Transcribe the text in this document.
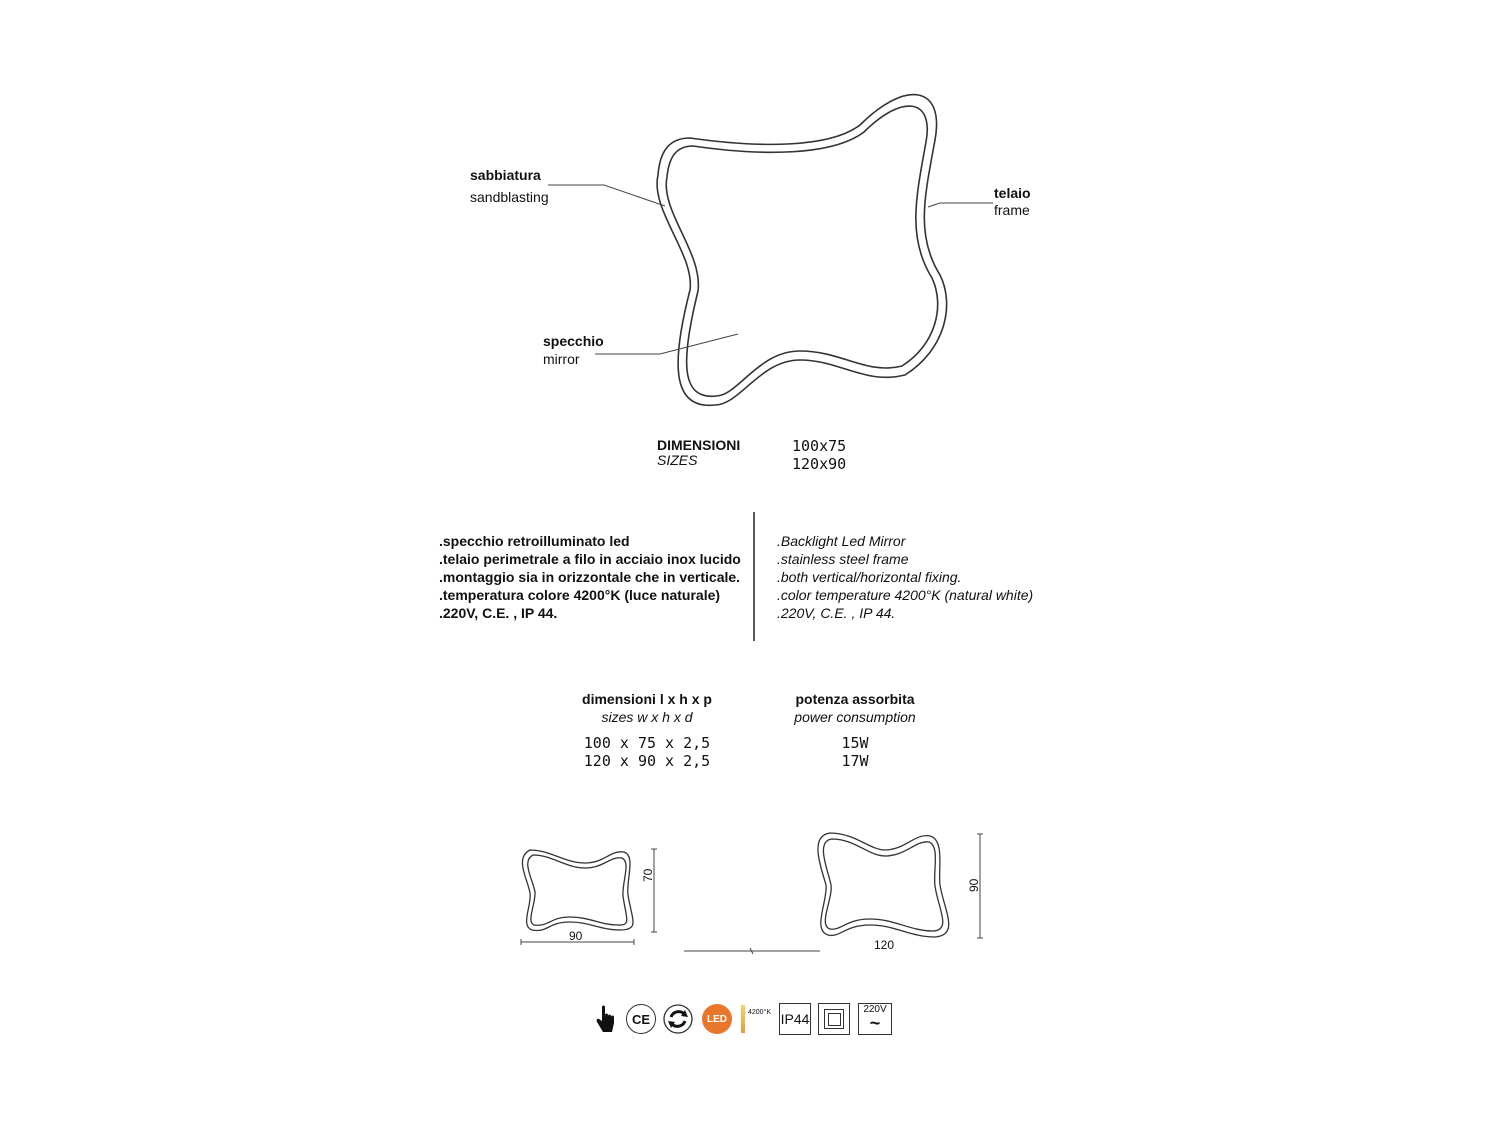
sabbiatura
sandblasting	telaio
frame
specchio
mirror
DIMENSIONI
SIZES
100x75
120x90
.specchio retroilluminato led
.telaio perimetrale a filo in acciaio inox lucido
.montaggio sia in orizzontale che in verticale.
.temperatura colore 4200°K (luce naturale)
.220V, C.E. , IP 44.
.Backlight Led Mirror
.stainless steel frame
.both vertical/horizontal fixing.
.color temperature 4200°K (natural white)
.220V, C.E. , IP 44.
dimensioni l x h x p
sizes w x h x d
100 x 75 x 2,5
120 x 90 x 2,5
potenza assorbita
power consumption
15W
17W
90
70
120
90
CE	LED
4200°K IP44
220V
~
